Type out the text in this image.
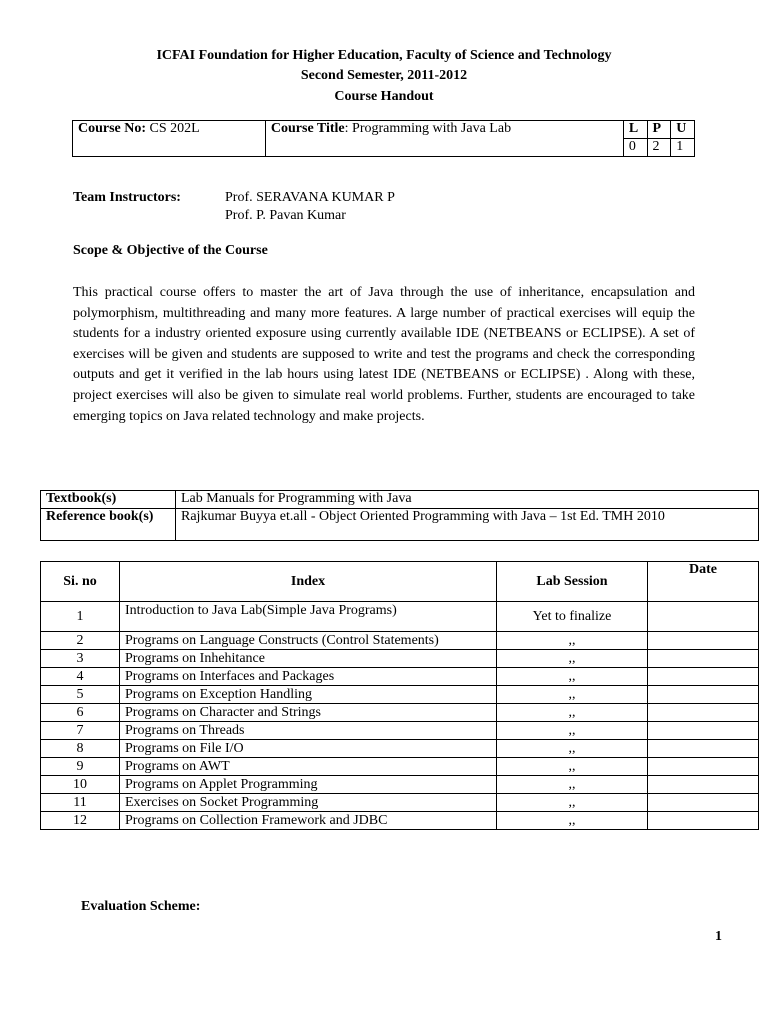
ICFAI Foundation for Higher Education, Faculty of Science and Technology
Second Semester, 2011-2012
Course Handout
Course No: CS 202L	Course Title: Programming with Java Lab	L	P	U
		0	2	1
Team Instructors:	Prof. SERAVANA KUMAR P
Prof. P. Pavan Kumar
Scope & Objective of the Course
This practical course offers to master the art of Java through the use of inheritance, encapsulation and polymorphism, multithreading and many more features. A large number of practical exercises will equip the students for a industry oriented exposure using currently available IDE (NETBEANS or ECLIPSE). A set of exercises will be given and students are supposed to write and test the programs and check the corresponding outputs and get it verified in the lab hours using latest IDE (NETBEANS or ECLIPSE) . Along with these, project exercises will also be given to simulate real world problems. Further, students are encouraged to take emerging topics on Java related technology and make projects.
Textbook(s)	Lab Manuals for Programming with Java
Reference book(s)	Rajkumar Buyya et.all - Object Oriented Programming with Java – 1st Ed. TMH 2010
Si. no	Index	Lab Session	Date
1	Introduction to Java Lab(Simple Java Programs)	Yet to finalize	
2	Programs on Language Constructs (Control Statements)	,,	
3	Programs on Inhehitance	,,	
4	Programs on Interfaces and Packages	,,	
5	Programs on Exception Handling	,,	
6	Programs on Character and Strings	,,	
7	Programs on Threads	,,	
8	Programs on File I/O	,,	
9	Programs on AWT	,,	
10	Programs on Applet Programming	,,	
11	Exercises on Socket Programming	,,	
12	Programs on Collection Framework and JDBC	,,	
Evaluation Scheme:
1
